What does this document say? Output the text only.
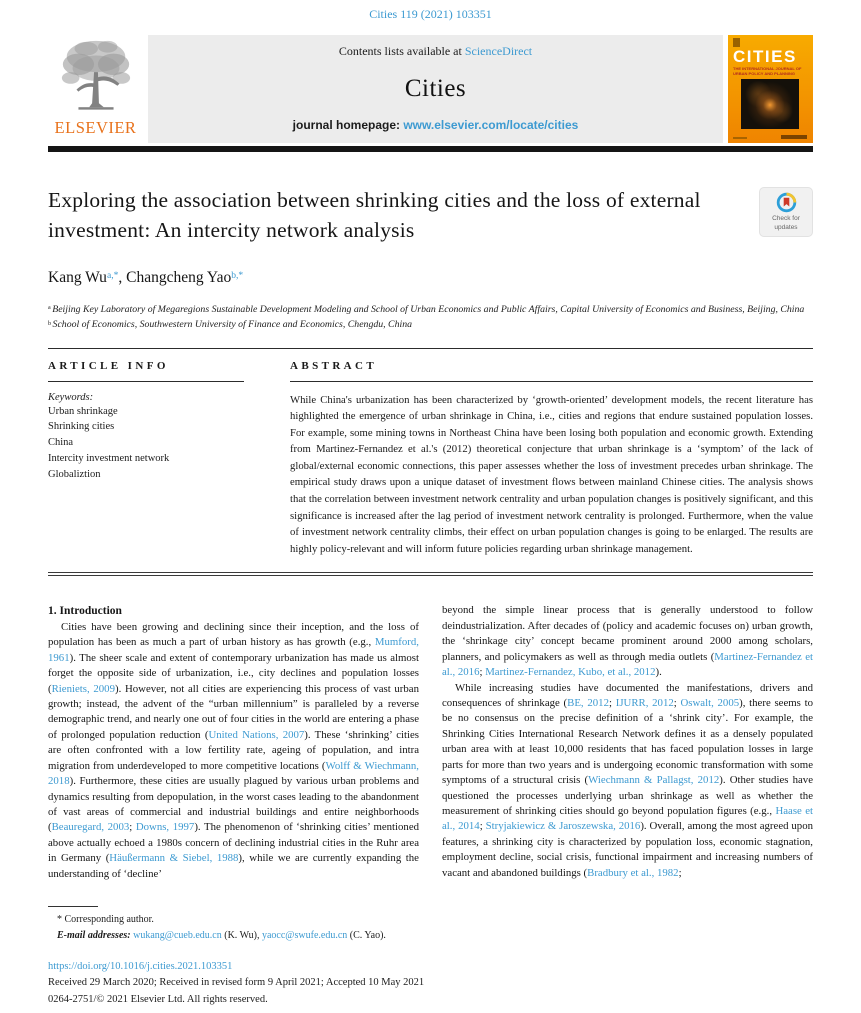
Cities 119 (2021) 103351
ELSEVIER
Contents lists available at ScienceDirect
Cities
journal homepage: www.elsevier.com/locate/cities
CITIES
THE INTERNATIONAL JOURNAL OF URBAN POLICY AND PLANNING
Exploring the association between shrinking cities and the loss of external investment: An intercity network analysis	Check for updates
Kang $Wu^{a,*}$, Changcheng Yao$^{b,*}$
$^a$ Beijing Key Laboratory of Megaregions Sustainable Development Modeling and School of Urban Economics and Public Affairs, Capital University of Economics and Business, Beijing, China
$^b$ School of Economics, Southwestern University of Finance and Economics, Chengdu, China
ARTICLE INFO
Keywords:
Urban shrinkage
Shrinking cities
China
Intercity investment network
Globaliztion
ABSTRACT
While China's urbanization has been characterized by ‘growth-oriented’ development models, the recent literature has highlighted the emergence of urban shrinkage in China, i.e., cities and regions that endure sustained population losses. For example, some mining towns in Northeast China have been losing both population and economic growth. Extending from Martinez-Fernandez et al.'s (2012) theoretical conjecture that urban shrinkage is a ‘symptom’ of the lack of global/external economic connections, this paper assesses whether the loss of investment precedes urban shrinkage. The empirical study draws upon a unique dataset of investment flows between mainland Chinese cities. The analysis shows that the correlation between investment network centrality and urban population changes is positively significant, and this significance is increased after the lag period of investment network centrality is prolonged. Furthermore, when the value of investment network centrality climbs, their effect on urban population changes is going to be enlarged. The results are highly policy-relevant and will inform future policies regarding urban shrinkage management.

1. Introduction

Cities have been growing and declining since their inception, and the loss of population has been as much a part of urban history as has growth (e.g., Mumford, 1961). The sheer scale and extent of contemporary urbanization has made us almost forget the opposite side of urbanization, i.e., city declines and population losses (Rieniets, 2009). However, not all cities are experiencing this process of vast urban growth; instead, the advent of the “urban millennium” is paralleled by a reverse demographic trend, and nearly one out of four cities in the world are entering a phase of prolonged population reduction (United Nations, 2007). These ‘shrinking’ cities are often confronted with a low fertility rate, ageing of population, and intra migration from underdeveloped to more competitive locations (Wolff & Wiechmann, 2018). Furthermore, these cities are usually plagued by various urban problems and dynamics resulting from depopulation, in the worst cases leading to the abandonment of vast areas of commercial and industrial buildings and entire neighborhoods (Beauregard, 2003; Downs, 1997). The phenomenon of ‘shrinking cities’ mentioned above actually echoed a 1980s concern of declining industrial cities in the Ruhr area in Germany (Häußermann & Siebel, 1988), while we are currently expanding the understanding of ‘decline’

beyond the simple linear process that is generally understood to follow deindustrialization. After decades of (policy and academic focuses on) urban growth, the ‘shrinkage city’ concept became prominent around 2000 among scholars, planners, and policymakers as well as through media outlets (Martinez-Fernandez et al., 2016; Martinez-Fernandez, Kubo, et al., 2012).

While increasing studies have documented the manifestations, drivers and consequences of shrinkage (BE, 2012; IJURR, 2012; Oswalt, 2005), there seems to be no consensus on the precise definition of a ‘shrink city’. For example, the Shrinking Cities International Research Network defines it as a densely populated urban area with at least 10,000 residents that has faced population losses in large parts for more than two years and is undergoing economic transformation with some symptoms of a structural crisis (Wiechmann & Pallagst, 2012). Other studies have questioned the processes underlying urban shrinkage as well as whether the measurement of shrinking cities should go beyond population figures (e.g., Haase et al., 2014; Stryjakiewicz & Jaroszewska, 2016). Overall, among the most agreed upon features, a shrinking city is characterized by population loss, economic stagnation, employment decline, social crisis, functional impairment and increasing numbers of vacant and abandoned buildings (Bradbury et al., 1982;

* Corresponding author.
E-mail addresses: wukang@cueb.edu.cn (K. Wu), yaocc@swufe.edu.cn (C. Yao).
https://doi.org/10.1016/j.cities.2021.103351
Received 29 March 2020; Received in revised form 9 April 2021; Accepted 10 May 2021
0264-2751/© 2021 Elsevier Ltd. All rights reserved.
